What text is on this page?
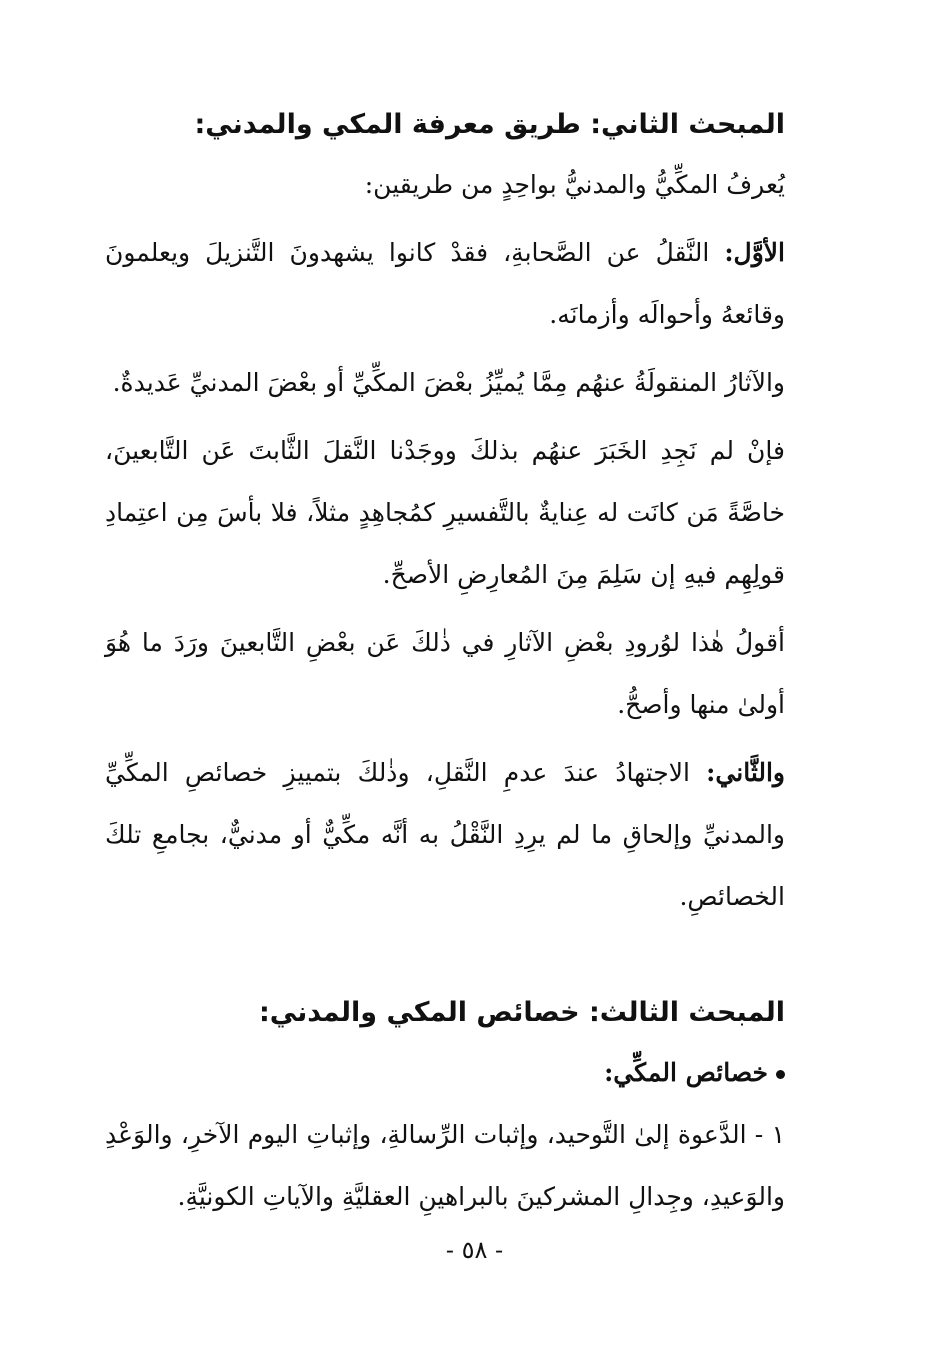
المبحث الثاني: طريق معرفة المكي والمدني:

يُعرفُ المكِّيُّ والمدنيُّ بواحِدٍ من طريقين:

الأوَّل: النَّقلُ عن الصَّحابةِ، فقدْ كانوا يشهدونَ التَّنزيلَ ويعلمونَ وقائعهُ وأحوالَه وأزمانَه.

والآثارُ المنقولَةُ عنهُم مِمَّا يُميِّزُ بعْضَ المكِّيِّ أو بعْضَ المدنيِّ عَديدةٌ.

فإنْ لم نَجِدِ الخَبَرَ عنهُم بذلكَ ووجَدْنا النَّقلَ الثَّابتَ عَن التَّابعينَ، خاصَّةً مَن كانَت له عِنايةٌ بالتَّفسيرِ كمُجاهِدٍ مثلاً، فلا بأسَ مِن اعتِمادِ قولِهِم فيهِ إن سَلِمَ مِنَ المُعارِضِ الأصحِّ.

أقولُ هٰذا لوُرودِ بعْضِ الآثارِ في ذٰلكَ عَن بعْضِ التَّابعينَ ورَدَ ما هُوَ أولىٰ منها وأصحُّ.

والثَّاني: الاجتهادُ عندَ عدمِ النَّقلِ، وذٰلكَ بتمييزِ خصائصِ المكِّيِّ والمدنيِّ وإلحاقِ ما لم يرِدِ النَّقْلُ به أنَّه مكِّيٌّ أو مدنيٌّ، بجامعِ تلكَ الخصائصِ.

المبحث الثالث: خصائص المكي والمدني:

خصائص المكِّي:

١ - الدَّعوة إلىٰ التَّوحيد، وإثبات الرِّسالةِ، وإثباتِ اليوم الآخرِ، والوَعْدِ والوَعيدِ، وجِدالِ المشركينَ بالبراهينِ العقليَّةِ والآياتِ الكونيَّةِ.

- ٥٨ -
